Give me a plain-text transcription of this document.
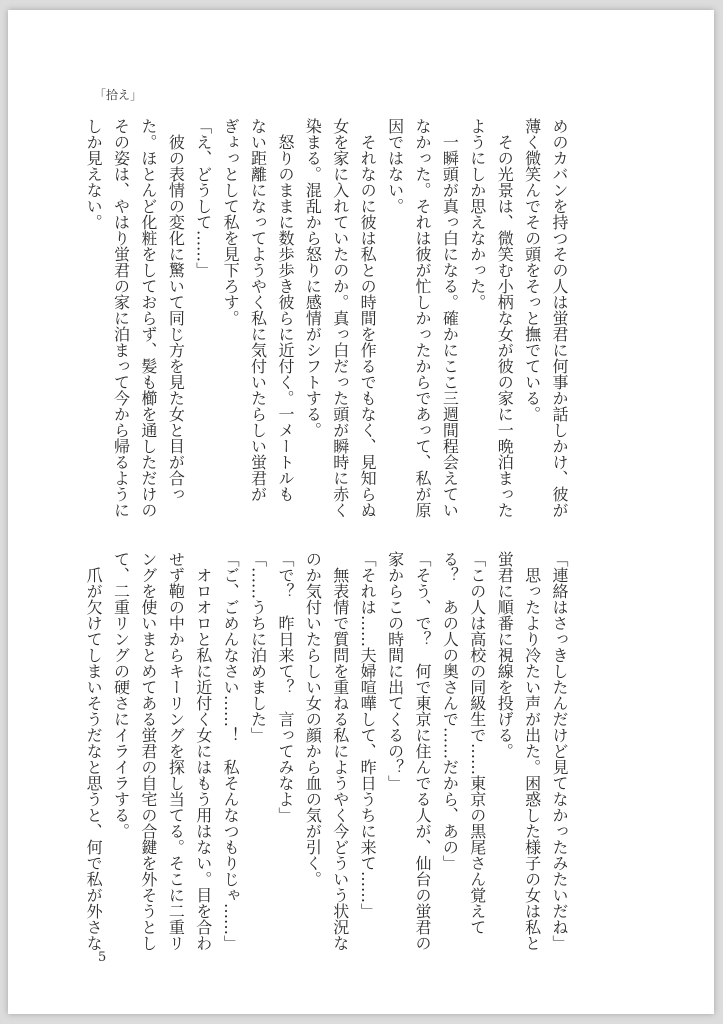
「拾え」
めのカバンを持つその人は蛍君に何事か話しかけ、彼が
薄く微笑んでその頭をそっと撫でている。
　その光景は、微笑む小柄な女が彼の家に一晩泊まった
ようにしか思えなかった。
　一瞬頭が真っ白になる。確かにここ三週間程会えてい
なかった。それは彼が忙しかったからであって、私が原
因ではない。
　それなのに彼は私との時間を作るでもなく、見知らぬ
女を家に入れていたのか。真っ白だった頭が瞬時に赤く
染まる。混乱から怒りに感情がシフトする。
　怒りのままに数歩歩き彼らに近付く。一メートルも
ない距離になってようやく私に気付いたらしい蛍君が
ぎょっとして私を見下ろす。
「え、どうして……」
　彼の表情の変化に驚いて同じ方を見た女と目が合っ
た。ほとんど化粧をしておらず、髪も櫛を通しただけの
その姿は、やはり蛍君の家に泊まって今から帰るように
しか見えない。
「連絡はさっきしたんだけど見てなかったみたいだね」
　思ったより冷たい声が出た。困惑した様子の女は私と
蛍君に順番に視線を投げる。
「この人は高校の同級生で……東京の黒尾さん覚えて
る？　あの人の奥さんで……だから、あの」
「そう、で？　何で東京に住んでる人が、仙台の蛍君の
家からこの時間に出てくるの？」
「それは……夫婦喧嘩して、昨日うちに来て……」
　無表情で質問を重ねる私にようやく今どういう状況な
のか気付いたらしい女の顔から血の気が引く。
「で？　昨日来て？　言ってみなよ」
「……うちに泊めました」
「ご、ごめんなさい……！　私そんなつもりじゃ……」
　オロオロと私に近付く女にはもう用はない。目を合わ
せず鞄の中からキーリングを探し当てる。そこに二重リ
ングを使いまとめてある蛍君の自宅の合鍵を外そうとし
て、二重リングの硬さにイライラする。
　爪が欠けてしまいそうだなと思うと、何で私が外さな
5
